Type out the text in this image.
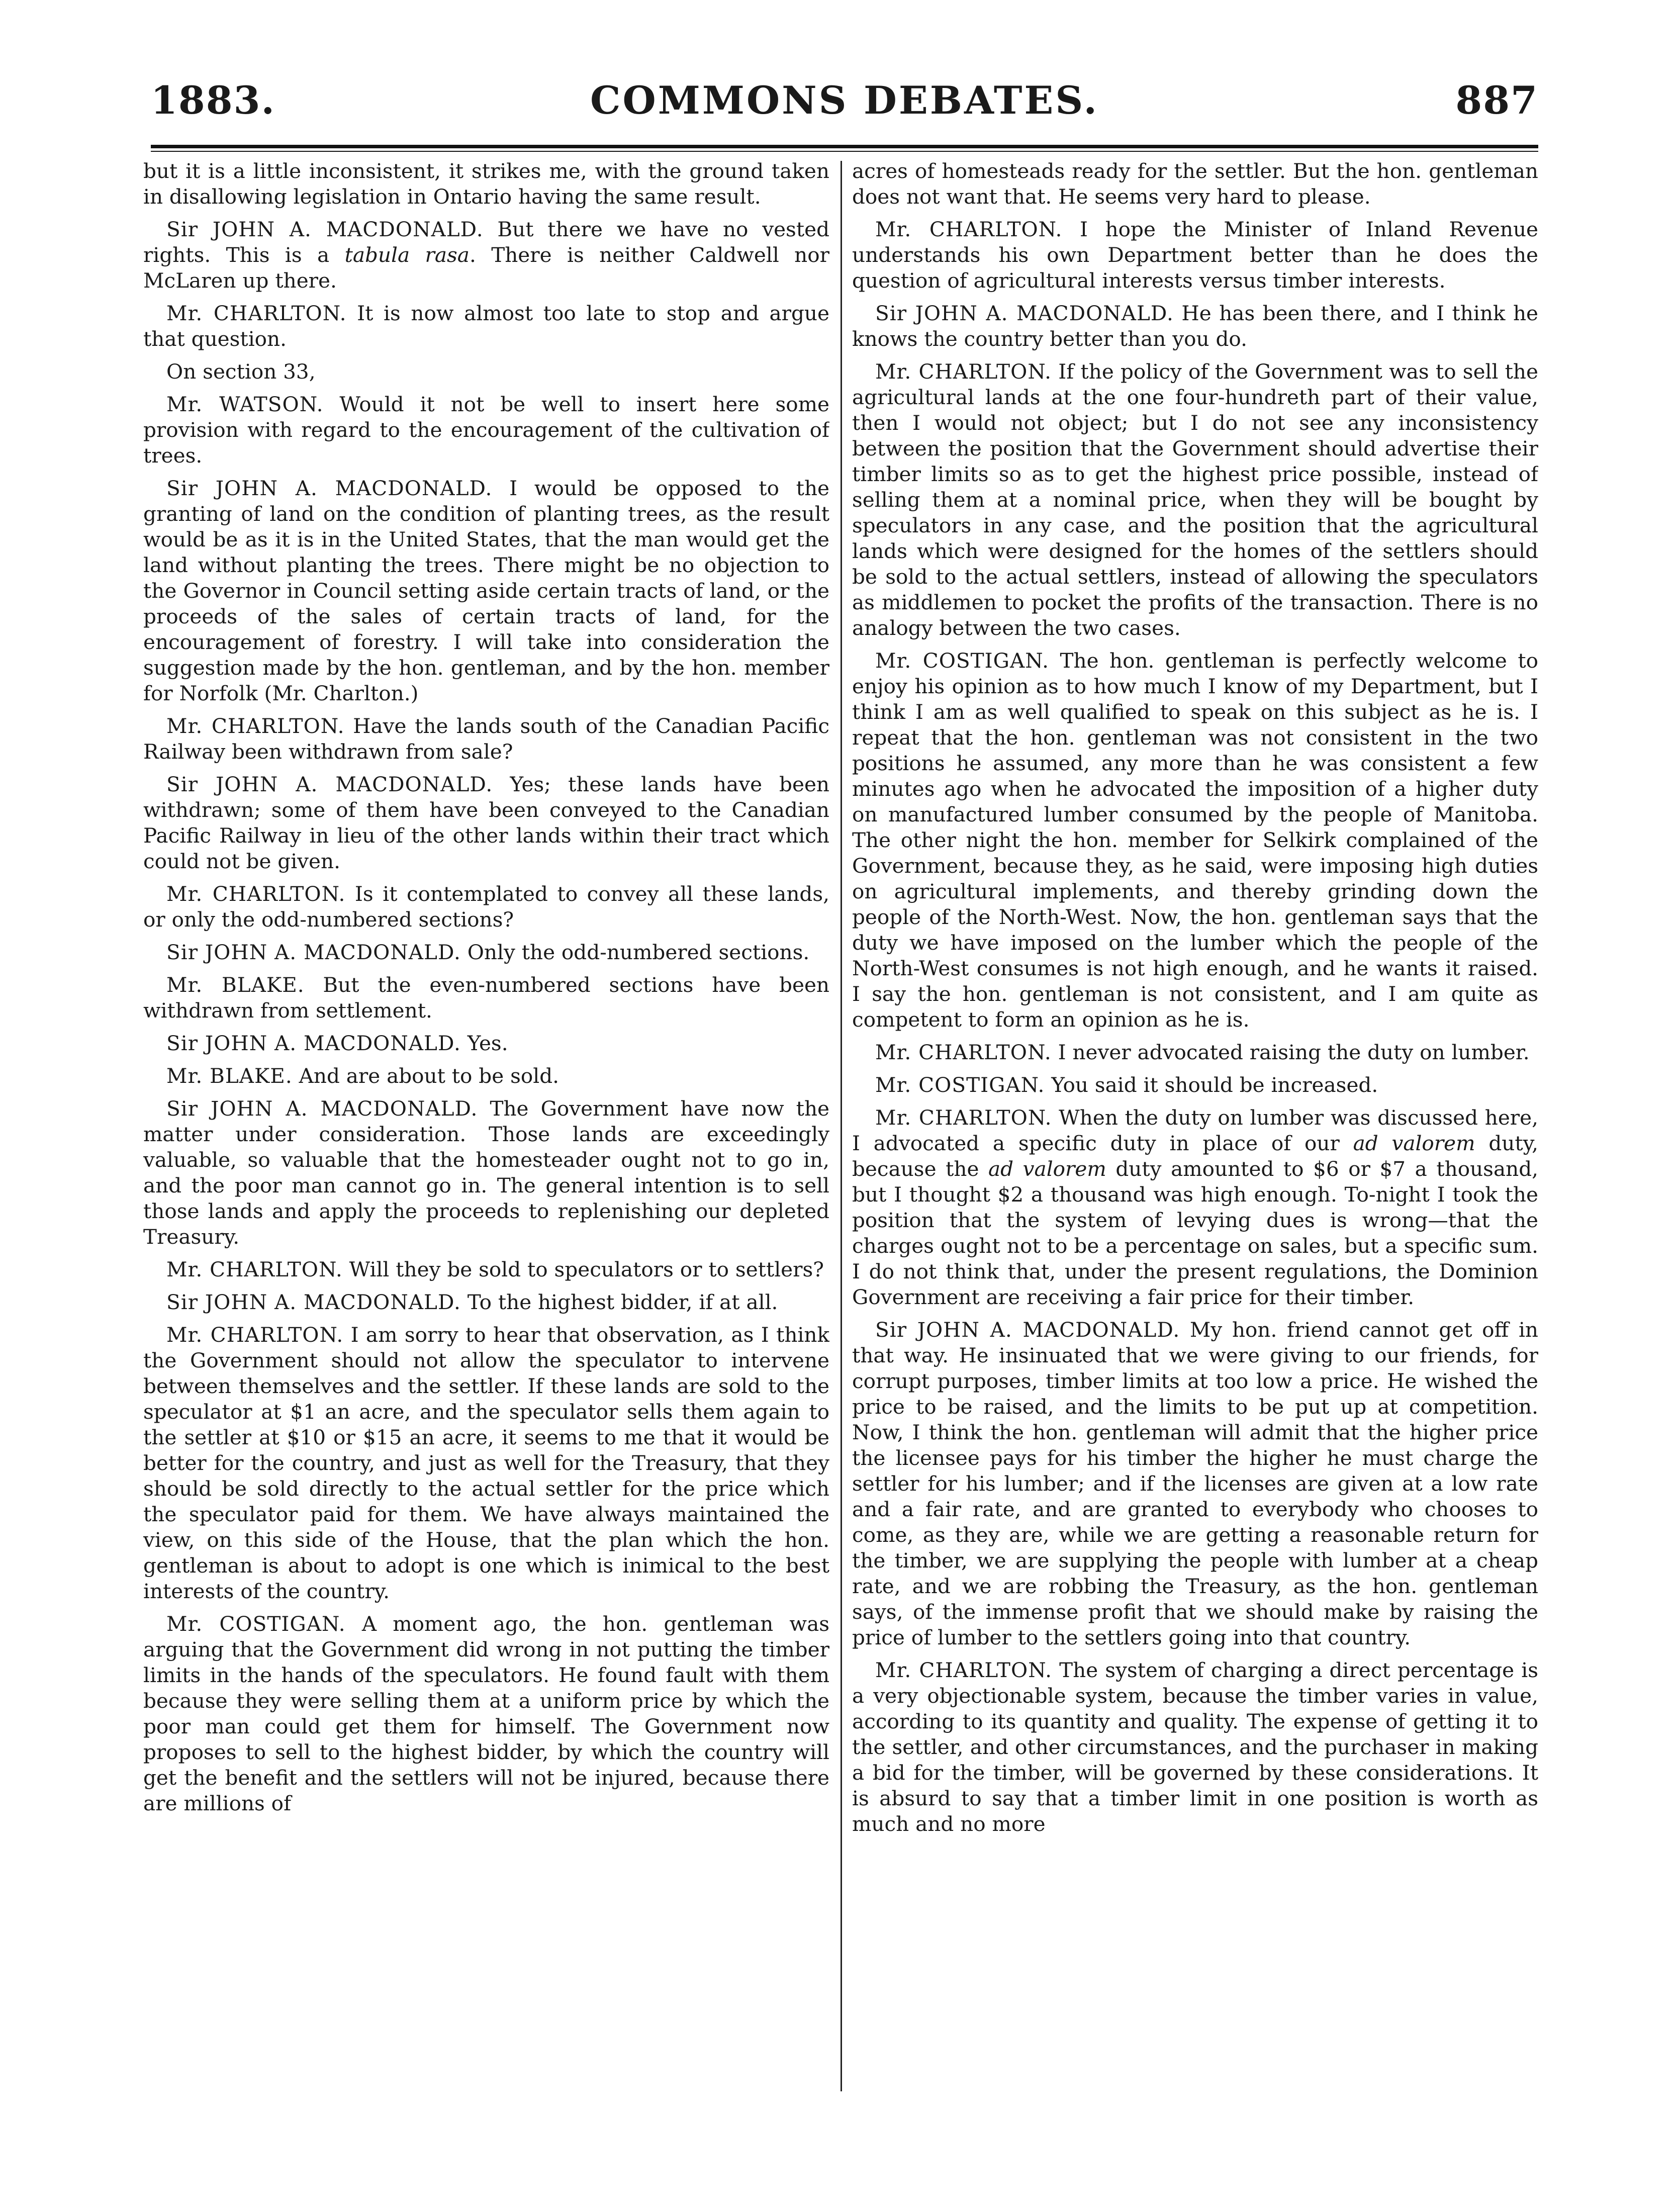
1883.	COMMONS DEBATES.	887

but it is a little inconsistent, it strikes me, with the ground taken in disallowing legislation in Ontario having the same result.

Sir JOHN A. MACDONALD. But there we have no vested rights. This is a tabula rasa. There is neither Caldwell nor McLaren up there.

Mr. CHARLTON. It is now almost too late to stop and argue that question.

On section 33,

Mr. WATSON. Would it not be well to insert here some provision with regard to the encouragement of the cultivation of trees.

Sir JOHN A. MACDONALD. I would be opposed to the granting of land on the condition of planting trees, as the result would be as it is in the United States, that the man would get the land without planting the trees. There might be no objection to the Governor in Council setting aside certain tracts of land, or the proceeds of the sales of certain tracts of land, for the encouragement of forestry. I will take into consideration the suggestion made by the hon. gentleman, and by the hon. member for Norfolk (Mr. Charlton.)

Mr. CHARLTON. Have the lands south of the Canadian Pacific Railway been withdrawn from sale?

Sir JOHN A. MACDONALD. Yes; these lands have been withdrawn; some of them have been conveyed to the Canadian Pacific Railway in lieu of the other lands within their tract which could not be given.

Mr. CHARLTON. Is it contemplated to convey all these lands, or only the odd-numbered sections?

Sir JOHN A. MACDONALD. Only the odd-numbered sections.

Mr. BLAKE. But the even-numbered sections have been withdrawn from settlement.

Sir JOHN A. MACDONALD. Yes.

Mr. BLAKE. And are about to be sold.

Sir JOHN A. MACDONALD. The Government have now the matter under consideration. Those lands are exceedingly valuable, so valuable that the homesteader ought not to go in, and the poor man cannot go in. The general intention is to sell those lands and apply the proceeds to replenishing our depleted Treasury.

Mr. CHARLTON. Will they be sold to speculators or to settlers?

Sir JOHN A. MACDONALD. To the highest bidder, if at all.

Mr. CHARLTON. I am sorry to hear that observation, as I think the Government should not allow the speculator to intervene between themselves and the settler. If these lands are sold to the speculator at $1 an acre, and the speculator sells them again to the settler at $10 or $15 an acre, it seems to me that it would be better for the country, and just as well for the Treasury, that they should be sold directly to the actual settler for the price which the speculator paid for them. We have always maintained the view, on this side of the House, that the plan which the hon. gentleman is about to adopt is one which is inimical to the best interests of the country.

Mr. COSTIGAN. A moment ago, the hon. gentleman was arguing that the Government did wrong in not putting the timber limits in the hands of the speculators. He found fault with them because they were selling them at a uniform price by which the poor man could get them for himself. The Government now proposes to sell to the highest bidder, by which the country will get the benefit and the settlers will not be injured, because there are millions of

acres of homesteads ready for the settler. But the hon. gentleman does not want that. He seems very hard to please.

Mr. CHARLTON. I hope the Minister of Inland Revenue understands his own Department better than he does the question of agricultural interests versus timber interests.

Sir JOHN A. MACDONALD. He has been there, and I think he knows the country better than you do.

Mr. CHARLTON. If the policy of the Government was to sell the agricultural lands at the one four-hundreth part of their value, then I would not object; but I do not see any inconsistency between the position that the Government should advertise their timber limits so as to get the highest price possible, instead of selling them at a nominal price, when they will be bought by speculators in any case, and the position that the agricultural lands which were designed for the homes of the settlers should be sold to the actual settlers, instead of allowing the speculators as middlemen to pocket the profits of the transaction. There is no analogy between the two cases.

Mr. COSTIGAN. The hon. gentleman is perfectly welcome to enjoy his opinion as to how much I know of my Department, but I think I am as well qualified to speak on this subject as he is. I repeat that the hon. gentleman was not consistent in the two positions he assumed, any more than he was consistent a few minutes ago when he advocated the imposition of a higher duty on manufactured lumber consumed by the people of Manitoba. The other night the hon. member for Selkirk complained of the Government, because they, as he said, were imposing high duties on agricultural implements, and thereby grinding down the people of the North-West. Now, the hon. gentleman says that the duty we have imposed on the lumber which the people of the North-West consumes is not high enough, and he wants it raised. I say the hon. gentleman is not consistent, and I am quite as competent to form an opinion as he is.

Mr. CHARLTON. I never advocated raising the duty on lumber.

Mr. COSTIGAN. You said it should be increased.

Mr. CHARLTON. When the duty on lumber was discussed here, I advocated a specific duty in place of our ad valorem duty, because the ad valorem duty amounted to $6 or $7 a thousand, but I thought $2 a thousand was high enough. To-night I took the position that the system of levying dues is wrong—that the charges ought not to be a percentage on sales, but a specific sum. I do not think that, under the present regulations, the Dominion Government are receiving a fair price for their timber.

Sir JOHN A. MACDONALD. My hon. friend cannot get off in that way. He insinuated that we were giving to our friends, for corrupt purposes, timber limits at too low a price. He wished the price to be raised, and the limits to be put up at competition. Now, I think the hon. gentleman will admit that the higher price the licensee pays for his timber the higher he must charge the settler for his lumber; and if the licenses are given at a low rate and a fair rate, and are granted to everybody who chooses to come, as they are, while we are getting a reasonable return for the timber, we are supplying the people with lumber at a cheap rate, and we are robbing the Treasury, as the hon. gentleman says, of the immense profit that we should make by raising the price of lumber to the settlers going into that country.

Mr. CHARLTON. The system of charging a direct percentage is a very objectionable system, because the timber varies in value, according to its quantity and quality. The expense of getting it to the settler, and other circumstances, and the purchaser in making a bid for the timber, will be governed by these considerations. It is absurd to say that a timber limit in one position is worth as much and no more
